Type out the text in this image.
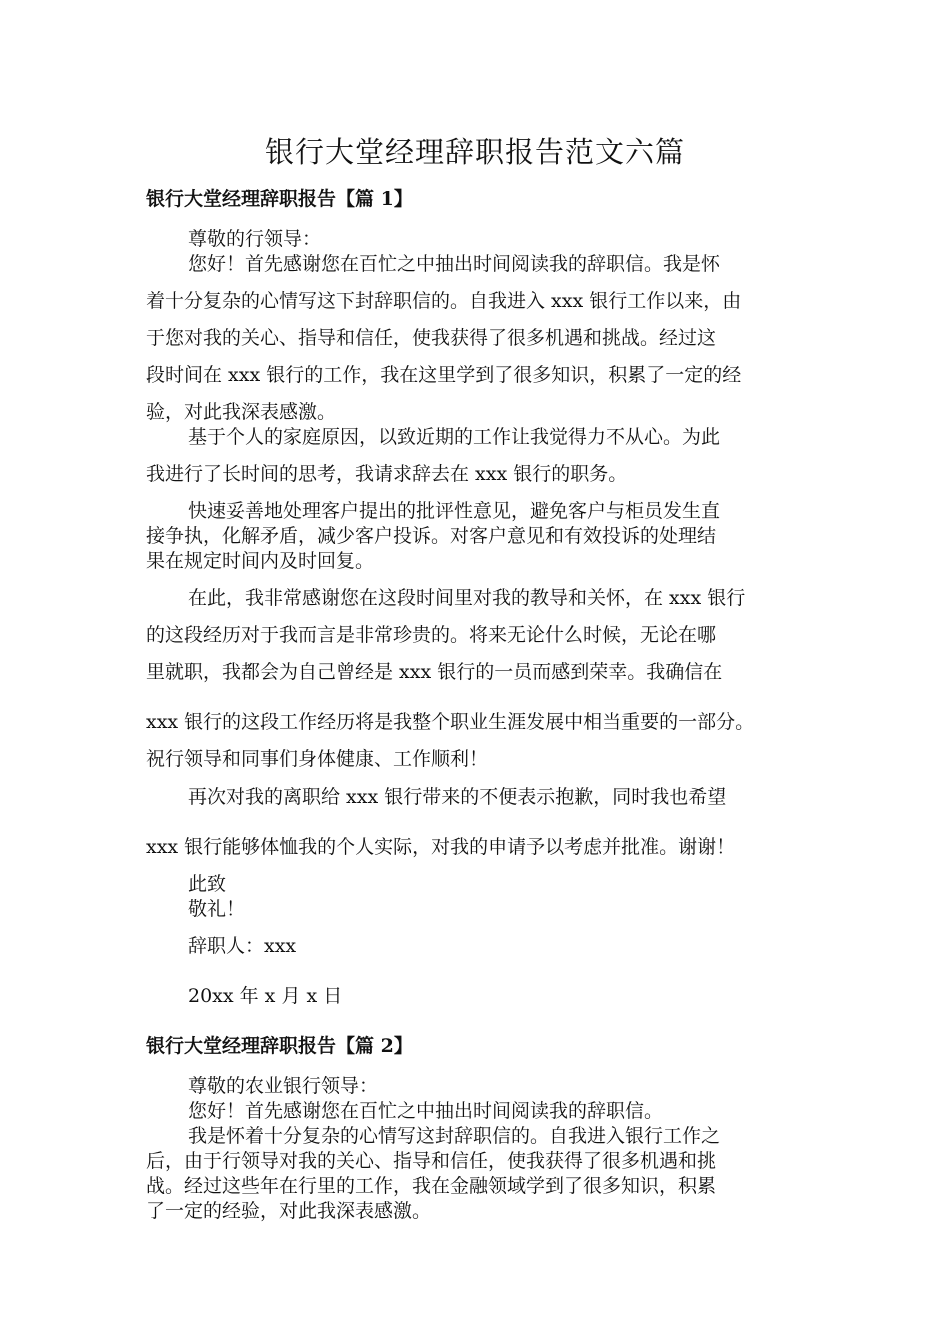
银行大堂经理辞职报告范文六篇
银行大堂经理辞职报告【篇 1】
尊敬的行领导：
您好！首先感谢您在百忙之中抽出时间阅读我的辞职信。我是怀
着十分复杂的心情写这下封辞职信的。自我进入 xxx 银行工作以来，由
于您对我的关心、指导和信任，使我获得了很多机遇和挑战。经过这
段时间在 xxx 银行的工作，我在这里学到了很多知识，积累了一定的经
验，对此我深表感激。
基于个人的家庭原因，以致近期的工作让我觉得力不从心。为此
我进行了长时间的思考，我请求辞去在 xxx 银行的职务。
快速妥善地处理客户提出的批评性意见，避免客户与柜员发生直
接争执，化解矛盾，减少客户投诉。对客户意见和有效投诉的处理结
果在规定时间内及时回复。
在此，我非常感谢您在这段时间里对我的教导和关怀，在 xxx 银行
的这段经历对于我而言是非常珍贵的。将来无论什么时候，无论在哪
里就职，我都会为自己曾经是 xxx 银行的一员而感到荣幸。我确信在
xxx 银行的这段工作经历将是我整个职业生涯发展中相当重要的一部分。
祝行领导和同事们身体健康、工作顺利！
再次对我的离职给 xxx 银行带来的不便表示抱歉，同时我也希望
xxx 银行能够体恤我的个人实际，对我的申请予以考虑并批准。谢谢！
此致
敬礼！
辞职人：xxx
20xx 年 x 月 x 日
银行大堂经理辞职报告【篇 2】
尊敬的农业银行领导：
您好！首先感谢您在百忙之中抽出时间阅读我的辞职信。
我是怀着十分复杂的心情写这封辞职信的。自我进入银行工作之
后，由于行领导对我的关心、指导和信任，使我获得了很多机遇和挑
战。经过这些年在行里的工作，我在金融领域学到了很多知识，积累
了一定的经验，对此我深表感激。
